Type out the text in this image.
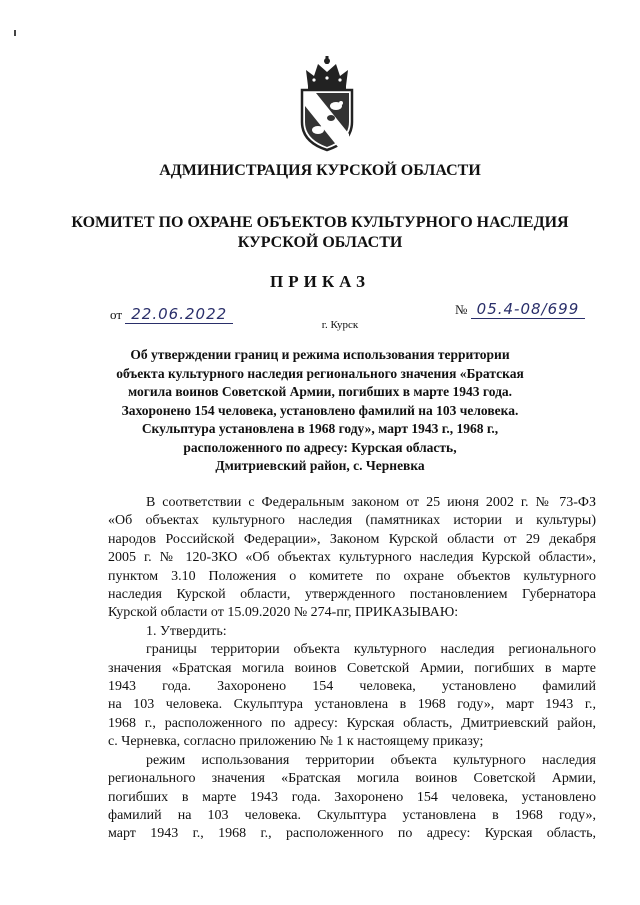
АДМИНИСТРАЦИЯ КУРСКОЙ ОБЛАСТИ
КОМИТЕТ ПО ОХРАНЕ ОБЪЕКТОВ КУЛЬТУРНОГО НАСЛЕДИЯ
КУРСКОЙ ОБЛАСТИ
ПРИКАЗ
от 22.06.2022	№ 05.4-08/699
г. Курск
Об утверждении границ и режима использования территории
объекта культурного наследия регионального значения «Братская
могила воинов Советской Армии, погибших в марте 1943 года.
Захоронено 154 человека, установлено фамилий на 103 человека.
Скульптура установлена в 1968 году», март 1943 г., 1968 г.,
расположенного по адресу: Курская область,
Дмитриевский район, с. Черневка
В соответствии с Федеральным законом от 25 июня 2002 г. № 73-ФЗ
«Об объектах культурного наследия (памятниках истории и культуры)
народов Российской Федерации», Законом Курской области от 29 декабря
2005 г. № 120-ЗКО «Об объектах культурного наследия Курской области»,
пунктом 3.10 Положения о комитете по охране объектов культурного
наследия Курской области, утвержденного постановлением Губернатора
Курской области от 15.09.2020 № 274-пг, ПРИКАЗЫВАЮ:
1. Утвердить:
границы территории объекта культурного наследия регионального
значения «Братская могила воинов Советской Армии, погибших в марте
1943 года. Захоронено 154 человека, установлено фамилий
на 103 человека. Скульптура установлена в 1968 году», март 1943 г.,
1968 г., расположенного по адресу: Курская область, Дмитриевский район,
с. Черневка, согласно приложению № 1 к настоящему приказу;
режим использования территории объекта культурного наследия
регионального значения «Братская могила воинов Советской Армии,
погибших в марте 1943 года. Захоронено 154 человека, установлено
фамилий на 103 человека. Скульптура установлена в 1968 году»,
март 1943 г., 1968 г., расположенного по адресу: Курская область,
